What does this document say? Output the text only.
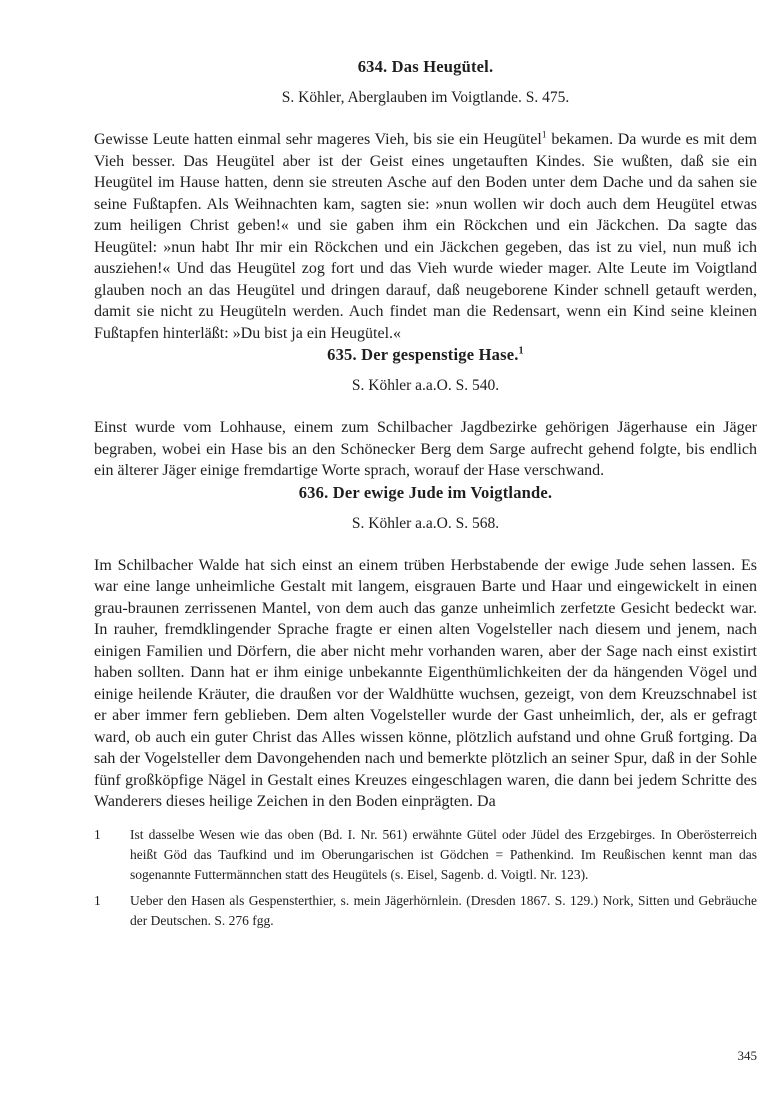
634. Das Heugütel.

S. Köhler, Aberglauben im Voigtlande. S. 475.

Gewisse Leute hatten einmal sehr mageres Vieh, bis sie ein Heugütel$^1$ bekamen. Da wurde es mit dem Vieh besser. Das Heugütel aber ist der Geist eines ungetauften Kindes. Sie wußten, daß sie ein Heugütel im Hause hatten, denn sie streuten Asche auf den Boden unter dem Dache und da sahen sie seine Fußtapfen. Als Weihnachten kam, sagten sie: »nun wollen wir doch auch dem Heugütel etwas zum heiligen Christ geben!« und sie gaben ihm ein Röckchen und ein Jäckchen. Da sagte das Heugütel: »nun habt Ihr mir ein Röckchen und ein Jäckchen gegeben, das ist zu viel, nun muß ich ausziehen!« Und das Heugütel zog fort und das Vieh wurde wieder mager. Alte Leute im Voigtland glauben noch an das Heugütel und dringen darauf, daß neugeborene Kinder schnell getauft werden, damit sie nicht zu Heugüteln werden. Auch findet man die Redensart, wenn ein Kind seine kleinen Fußtapfen hinterläßt: »Du bist ja ein Heugütel.«

635. Der gespenstige Hase.$^1$

S. Köhler a.a.O. S. 540.

Einst wurde vom Lohhause, einem zum Schilbacher Jagdbezirke gehörigen Jägerhause ein Jäger begraben, wobei ein Hase bis an den Schönecker Berg dem Sarge aufrecht gehend folgte, bis endlich ein älterer Jäger einige fremdartige Worte sprach, worauf der Hase verschwand.

636. Der ewige Jude im Voigtlande.

S. Köhler a.a.O. S. 568.

Im Schilbacher Walde hat sich einst an einem trüben Herbstabende der ewige Jude sehen lassen. Es war eine lange unheimliche Gestalt mit langem, eisgrauen Barte und Haar und eingewickelt in einen grau-braunen zerrissenen Mantel, von dem auch das ganze unheimlich zerfetzte Gesicht bedeckt war. In rauher, fremdklingender Sprache fragte er einen alten Vogelsteller nach diesem und jenem, nach einigen Familien und Dörfern, die aber nicht mehr vorhanden waren, aber der Sage nach einst existirt haben sollten. Dann hat er ihm einige unbekannte Eigenthümlichkeiten der da hängenden Vögel und einige heilende Kräuter, die draußen vor der Waldhütte wuchsen, gezeigt, von dem Kreuzschnabel ist er aber immer fern geblieben. Dem alten Vogelsteller wurde der Gast unheimlich, der, als er gefragt ward, ob auch ein guter Christ das Alles wissen könne, plötzlich aufstand und ohne Gruß fortging. Da sah der Vogelsteller dem Davongehenden nach und bemerkte plötzlich an seiner Spur, daß in der Sohle fünf großköpfige Nägel in Gestalt eines Kreuzes eingeschlagen waren, die dann bei jedem Schritte des Wanderers dieses heilige Zeichen in den Boden einprägten. Da

1	Ist dasselbe Wesen wie das oben (Bd. I. Nr. 561) erwähnte Gütel oder Jüdel des Erzgebirges. In Oberösterreich heißt Göd das Taufkind und im Oberungarischen ist Gödchen = Pathenkind. Im Reußischen kennt man das sogenannte Futtermännchen statt des Heugütels (s. Eisel, Sagenb. d. Voigtl. Nr. 123).
1	Ueber den Hasen als Gespensterthier, s. mein Jägerhörnlein. (Dresden 1867. S. 129.) Nork, Sitten und Gebräuche der Deutschen. S. 276 fgg.
345
